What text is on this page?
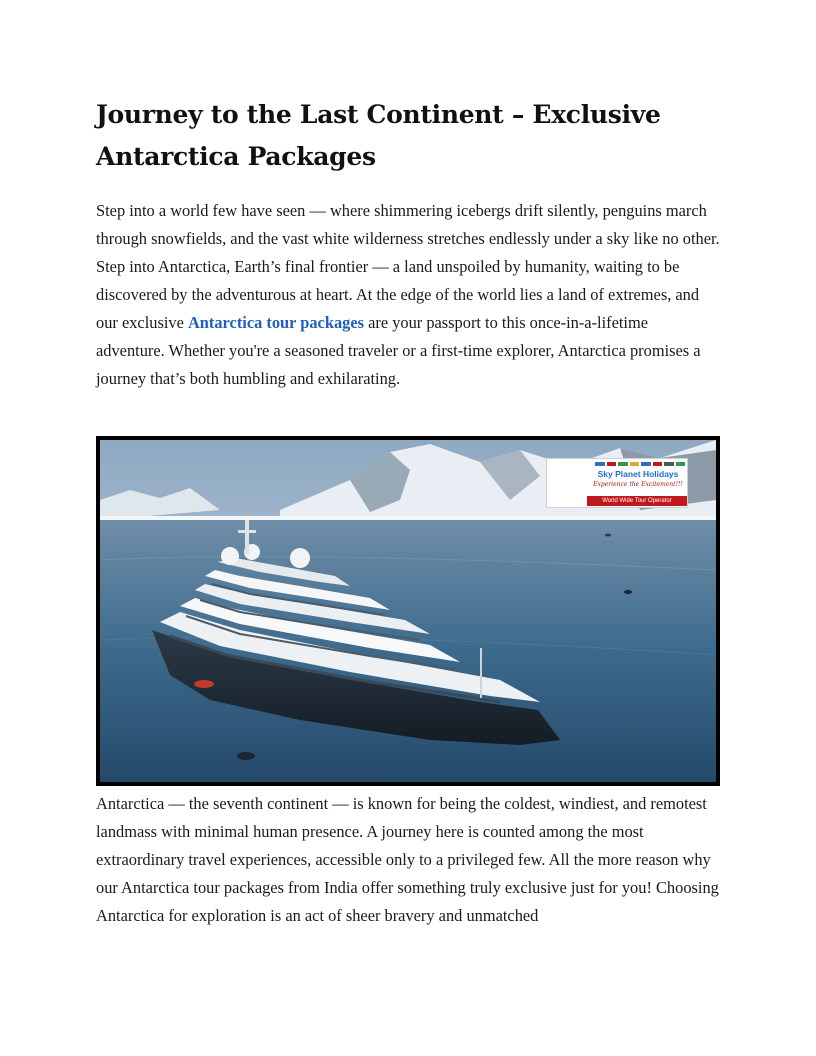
Journey to the Last Continent – Exclusive Antarctica Packages

Step into a world few have seen — where shimmering icebergs drift silently, penguins march through snowfields, and the vast white wilderness stretches endlessly under a sky like no other. Step into Antarctica, Earth’s final frontier — a land unspoiled by humanity, waiting to be discovered by the adventurous at heart. At the edge of the world lies a land of extremes, and our exclusive Antarctica tour packages are your passport to this once-in-a-lifetime adventure. Whether you're a seasoned traveler or a first-time explorer, Antarctica promises a journey that’s both humbling and exhilarating.

Sky Planet Holidays
Experience the Excitement!!!
World Wide Tour Operator

Antarctica — the seventh continent — is known for being the coldest, windiest, and remotest landmass with minimal human presence. A journey here is counted among the most extraordinary travel experiences, accessible only to a privileged few. All the more reason why our Antarctica tour packages from India offer something truly exclusive just for you! Choosing Antarctica for exploration is an act of sheer bravery and unmatched
